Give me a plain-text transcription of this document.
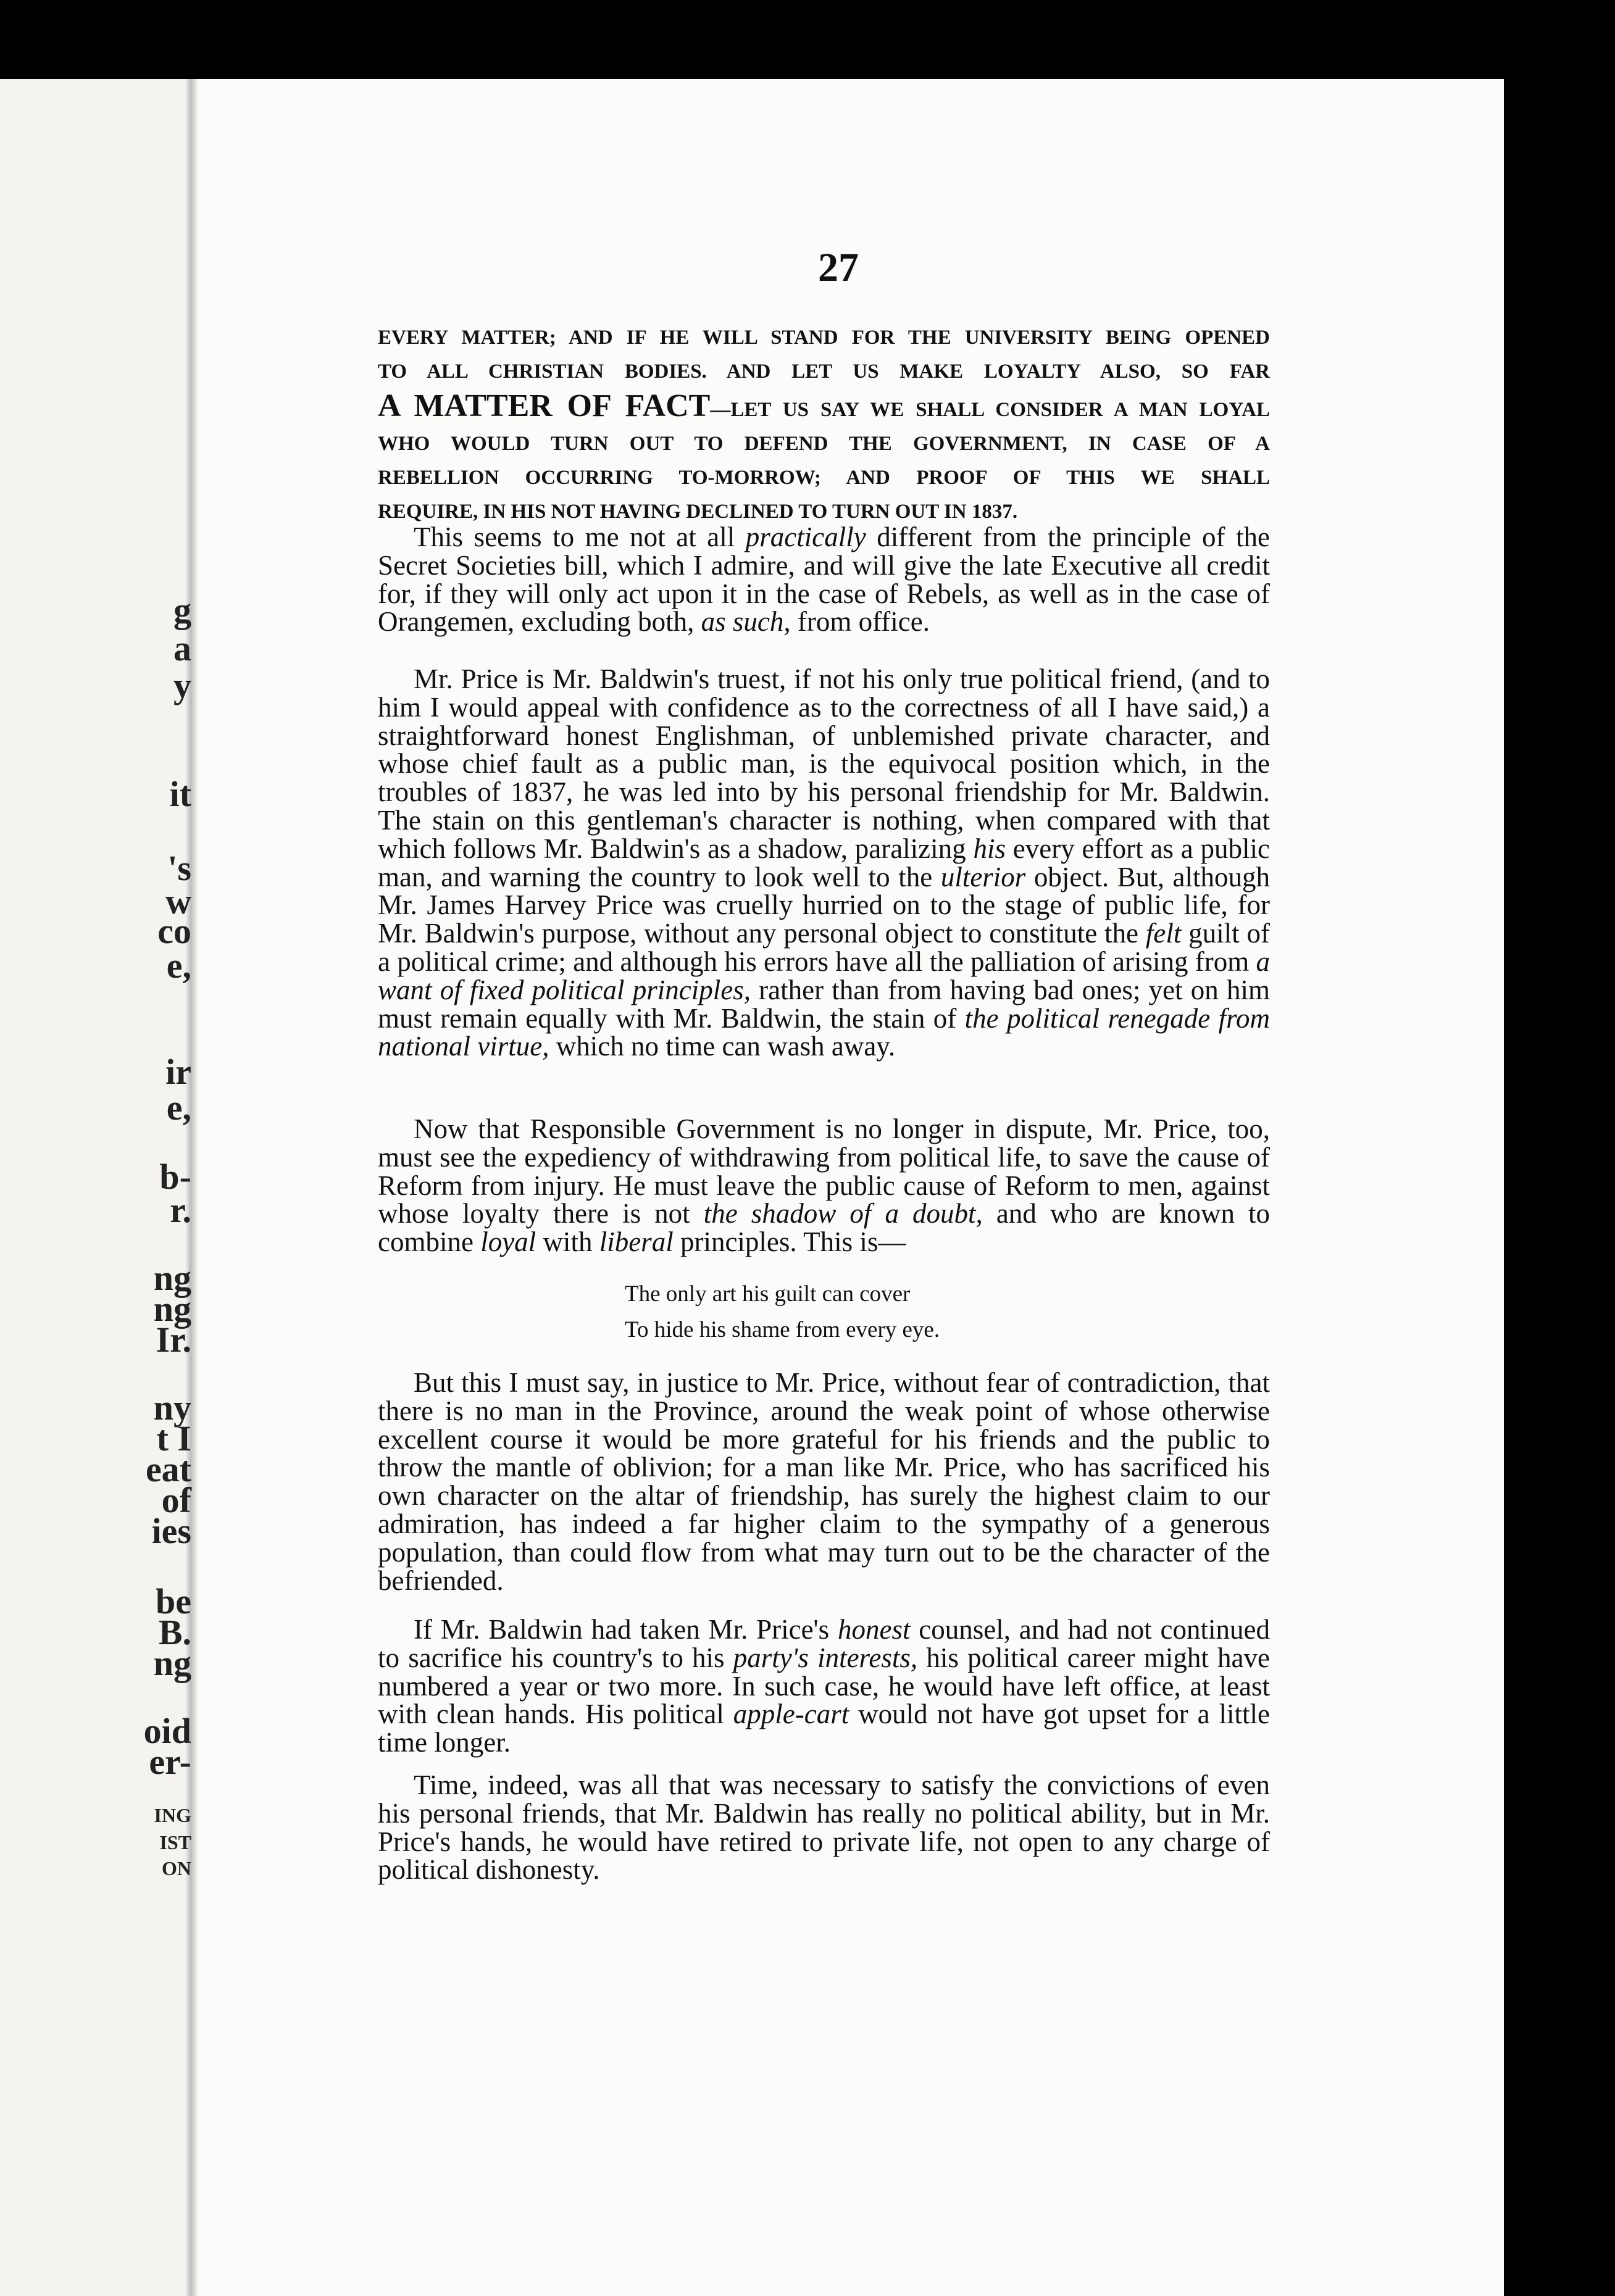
27
EVERY MATTER; AND IF HE WILL STAND FOR THE UNIVERSITY BEING OPENED
TO ALL CHRISTIAN BODIES. AND LET US MAKE LOYALTY ALSO, SO FAR
A MATTER OF FACT—LET US SAY WE SHALL CONSIDER A MAN LOYAL
WHO WOULD TURN OUT TO DEFEND THE GOVERNMENT, IN CASE OF A
REBELLION OCCURRING TO-MORROW; AND PROOF OF THIS WE SHALL
REQUIRE, IN HIS NOT HAVING DECLINED TO TURN OUT IN 1837.

This seems to me not at all practically different from the principle of the Secret Societies bill, which I admire, and will give the late Executive all credit for, if they will only act upon it in the case of Rebels, as well as in the case of Orangemen, excluding both, as such, from office.

Mr. Price is Mr. Baldwin's truest, if not his only true political friend, (and to him I would appeal with confidence as to the correctness of all I have said,) a straightforward honest Englishman, of unblemished private character, and whose chief fault as a public man, is the equivocal position which, in the troubles of 1837, he was led into by his personal friendship for Mr. Baldwin. The stain on this gentleman's character is nothing, when compared with that which follows Mr. Baldwin's as a shadow, paralizing his every effort as a public man, and warning the country to look well to the ulterior object. But, although Mr. James Harvey Price was cruelly hurried on to the stage of public life, for Mr. Baldwin's purpose, without any personal object to constitute the felt guilt of a political crime; and although his errors have all the palliation of arising from a want of fixed political principles, rather than from having bad ones; yet on him must remain equally with Mr. Baldwin, the stain of the political renegade from national virtue, which no time can wash away.

Now that Responsible Government is no longer in dispute, Mr. Price, too, must see the expediency of withdrawing from political life, to save the cause of Reform from injury. He must leave the public cause of Reform to men, against whose loyalty there is not the shadow of a doubt, and who are known to combine loyal with liberal principles. This is—

The only art his guilt can cover
To hide his shame from every eye.

But this I must say, in justice to Mr. Price, without fear of contradiction, that there is no man in the Province, around the weak point of whose otherwise excellent course it would be more grateful for his friends and the public to throw the mantle of oblivion; for a man like Mr. Price, who has sacrificed his own character on the altar of friendship, has surely the highest claim to our admiration, has indeed a far higher claim to the sympathy of a generous population, than could flow from what may turn out to be the character of the befriended.

If Mr. Baldwin had taken Mr. Price's honest counsel, and had not continued to sacrifice his country's to his party's interests, his political career might have numbered a year or two more. In such case, he would have left office, at least with clean hands. His political apple-cart would not have got upset for a little time longer.

Time, indeed, was all that was necessary to satisfy the convictions of even his personal friends, that Mr. Baldwin has really no political ability, but in Mr. Price's hands, he would have retired to private life, not open to any charge of political dishonesty.

g
a
y
it
's
w
co
e,
ir
e,
b-
r.
ng
ng
Ir.
ny
t I
eat
of
ies
be
B.
ng
oid
er-
ING
IST
ON
